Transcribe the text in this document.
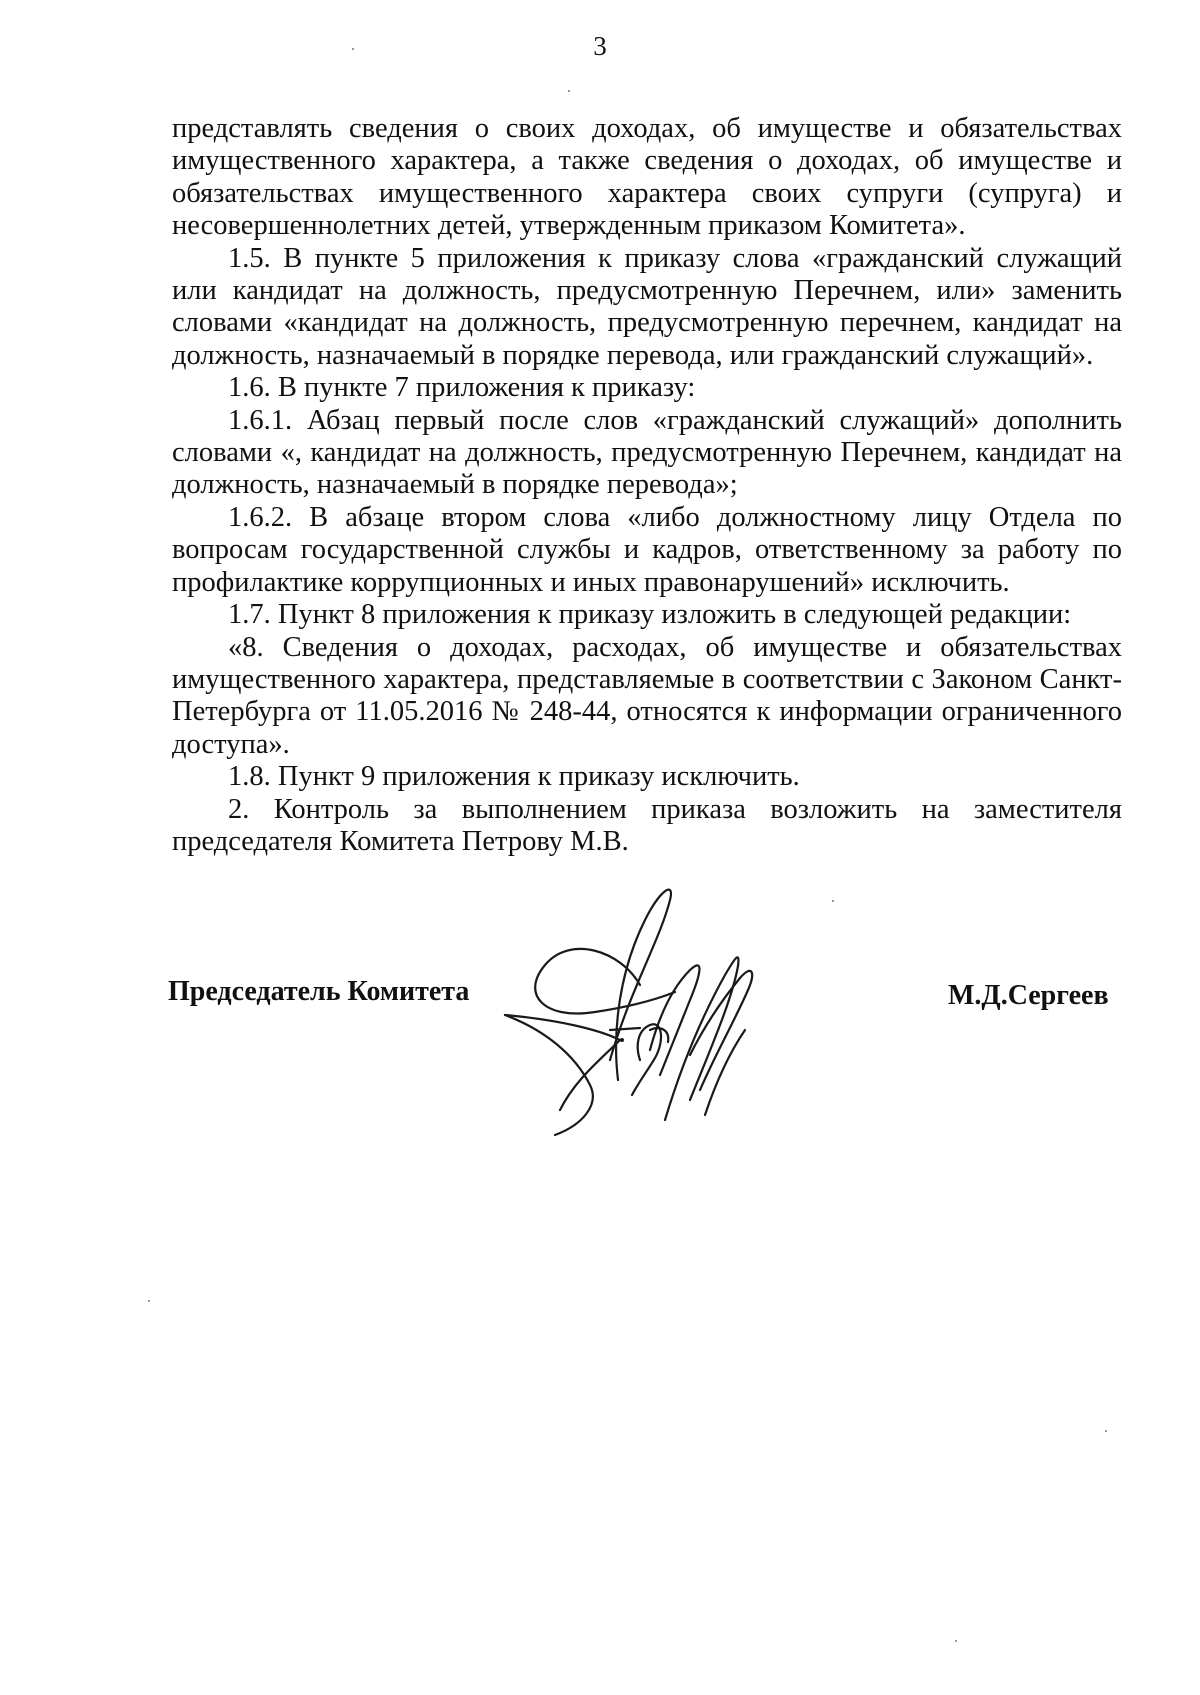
3

представлять сведения о своих доходах, об имуществе и обязательствах имущественного характера, а также сведения о доходах, об имуществе и обязательствах имущественного характера своих супруги (супруга) и несовершеннолетних детей, утвержденным приказом Комитета».

1.5. В пункте 5 приложения к приказу слова «гражданский служащий или кандидат на должность, предусмотренную Перечнем, или» заменить словами «кандидат на должность, предусмотренную перечнем, кандидат на должность, назначаемый в порядке перевода, или гражданский служащий».

1.6. В пункте 7 приложения к приказу:

1.6.1. Абзац первый после слов «гражданский служащий» дополнить словами «, кандидат на должность, предусмотренную Перечнем, кандидат на должность, назначаемый в порядке перевода»;

1.6.2. В абзаце втором слова «либо должностному лицу Отдела по вопросам государственной службы и кадров, ответственному за работу по профилактике коррупционных и иных правонарушений» исключить.

1.7. Пункт 8 приложения к приказу изложить в следующей редакции:

«8. Сведения о доходах, расходах, об имуществе и обязательствах имущественного характера, представляемые в соответствии с Законом Санкт-Петербурга от 11.05.2016 № 248-44, относятся к информации ограниченного доступа».

1.8. Пункт 9 приложения к приказу исключить.

2. Контроль за выполнением приказа возложить на заместителя председателя Комитета Петрову М.В.

Председатель Комитета	М.Д.Сергеев
